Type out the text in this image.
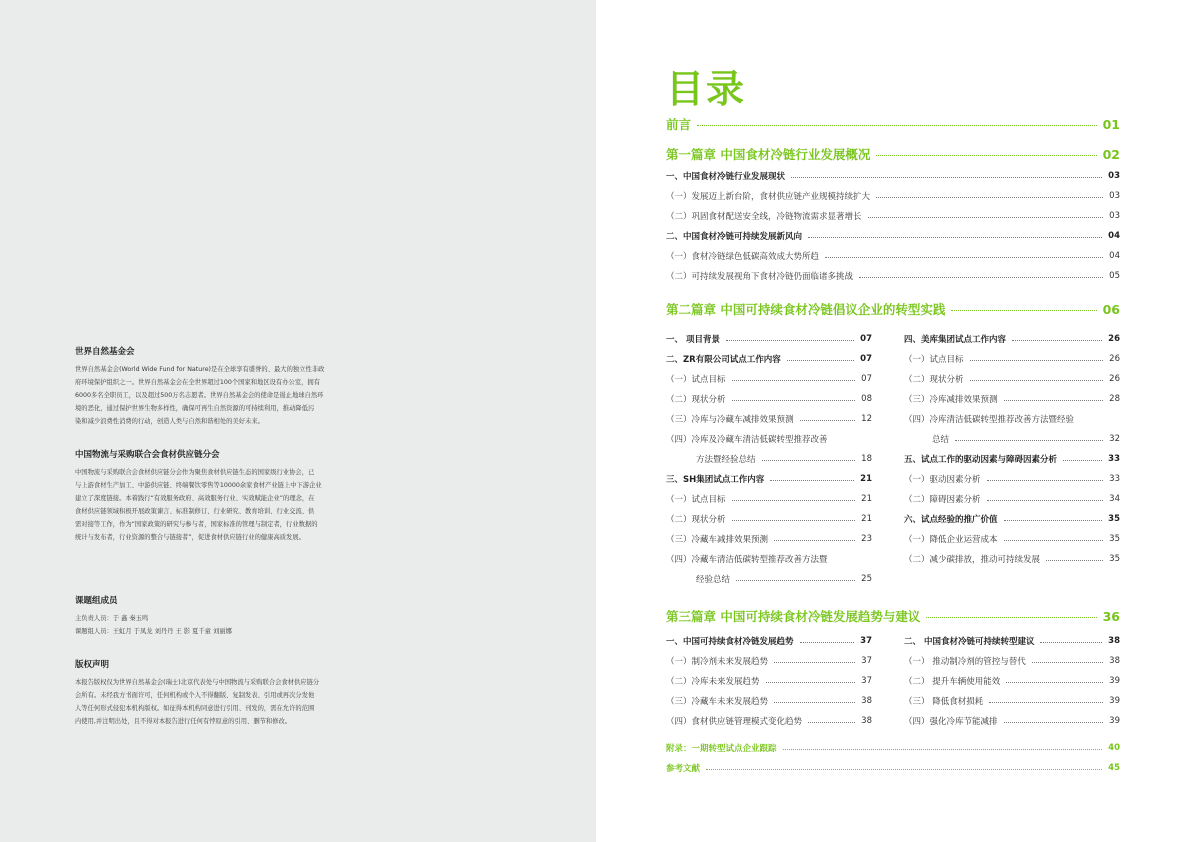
世界自然基金会
世界自然基金会(World Wide Fund for Nature)是在全球享有盛誉的、最大的独立性非政
府环境保护组织之一。世界自然基金会在全世界超过100个国家和地区设有办公室，拥有
6000多名全职员工，以及超过500万名志愿者。世界自然基金会的使命是遏止地球自然环
境的恶化，通过保护世界生物多样性，确保可再生自然资源的可持续利用，推动降低污
染和减少浪费性消费的行动，创造人类与自然和谐相处的美好未来。
中国物流与采购联合会食材供应链分会
中国物流与采购联合会食材供应链分会作为聚焦食材供应链生态的国家级行业协会，已
与上游食材生产加工、中游供应链、终端餐饮零售等10000余家食材产业链上中下游企业
建立了深度链接。本着践行“有效服务政府、高效服务行业、实效赋能企业”的理念，在
食材供应链领域积极开展政策谏言、标准制修订、行业研究、教育培训、行业交流、供
需对接等工作，作为“国家政策的研究与参与者，国家标准的管理与制定者，行业数据的
统计与发布者，行业资源的整合与链接者”，促进食材供应链行业的健康高质发展。
课题组成员
主负责人员：于 鑫 秦玉鸣
课题组人员：王虹月 于凤龙 刘丹丹 王 影 夏千童 刘丽娜
版权声明
本报告版权仅为世界自然基金会(瑞士)北京代表处与中国物流与采购联合会食材供应链分
会所有。未经我方书面许可，任何机构或个人不得翻版、复制发表、引用或再次分发他
人等任何形式侵犯本机构版权。如征得本机构同意进行引用、刊发的，需在允许的范围
内使用,并注明出处，且不得对本报告进行任何有悖原意的引用、删节和修改。
目录
前言	01
第一篇章 中国食材冷链行业发展概况	02
一、中国食材冷链行业发展现状	03
（一）发展迈上新台阶，食材供应链产业规模持续扩大	03
（二）巩固食材配送安全线，冷链物流需求显著增长	03
二、中国食材冷链可持续发展新风向	04
（一）食材冷链绿色低碳高效成大势所趋	04
（二）可持续发展视角下食材冷链仍面临诸多挑战	05
第二篇章 中国可持续食材冷链倡议企业的转型实践	06
一、 项目背景	07
二、ZR有限公司试点工作内容	07
（一）试点目标	07
（二）现状分析	08
（三）冷库与冷藏车减排效果预测	12
（四）冷库及冷藏车清洁低碳转型推荐改善
方法暨经验总结	18
三、SH集团试点工作内容	21
（一）试点目标	21
（二）现状分析	21
（三）冷藏车减排效果预测	23
（四）冷藏车清洁低碳转型推荐改善方法暨
经验总结	25
四、美库集团试点工作内容	26
（一）试点目标	26
（二）现状分析	26
（三）冷库减排效果预测	28
（四）冷库清洁低碳转型推荐改善方法暨经验
总结	32
五、试点工作的驱动因素与障碍因素分析	33
（一）驱动因素分析	33
（二）障碍因素分析	34
六、试点经验的推广价值	35
（一）降低企业运营成本	35
（二）减少碳排放，推动可持续发展	35
第三篇章 中国可持续食材冷链发展趋势与建议	36
一、中国可持续食材冷链发展趋势	37
（一）制冷剂未来发展趋势	37
（二）冷库未来发展趋势	37
（三）冷藏车未来发展趋势	38
（四）食材供应链管理模式变化趋势	38
二、 中国食材冷链可持续转型建议	38
（一） 推动制冷剂的管控与替代	38
（二） 提升车辆使用能效	39
（三） 降低食材损耗	39
（四）强化冷库节能减排	39
附录：一期转型试点企业跟踪	40
参考文献	45
